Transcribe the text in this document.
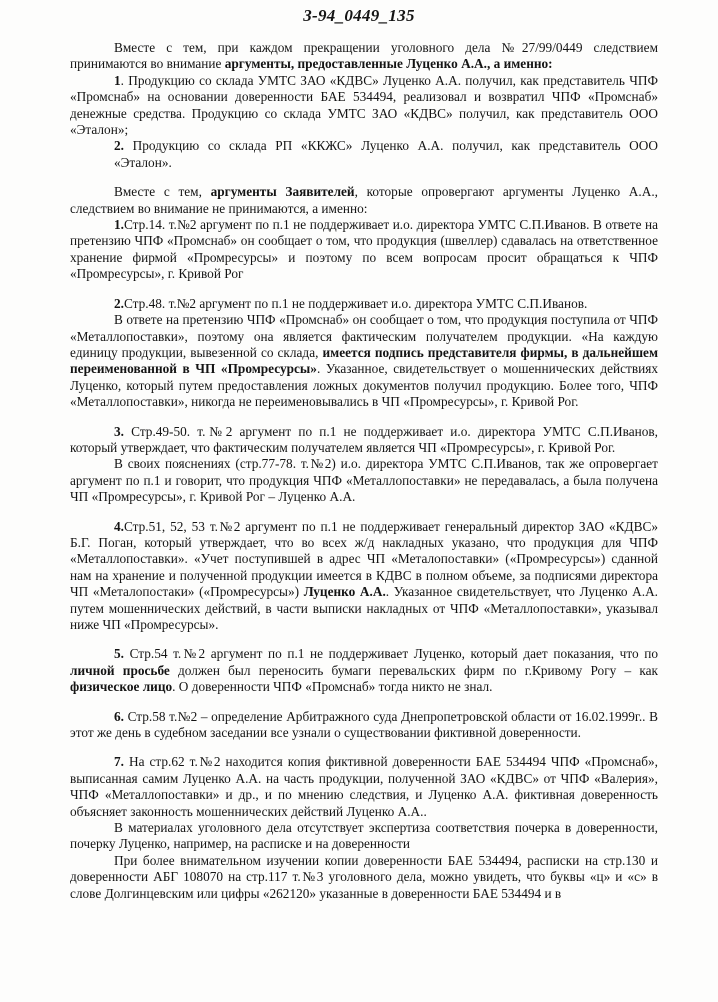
3-94_0449_135

Вместе с тем, при каждом прекращении уголовного дела №27/99/0449 следствием принимаются во внимание аргументы, предоставленные Луценко А.А., а именно:

1. Продукцию со склада УМТС ЗАО «КДВС» Луценко А.А. получил, как представитель ЧПФ «Промснаб» на основании доверенности БАЕ 534494, реализовал и возвратил ЧПФ «Промснаб» денежные средства. Продукцию со склада УМТС ЗАО «КДВС» получил, как представитель ООО «Эталон»;

2. Продукцию со склада РП «ККЖС» Луценко А.А. получил, как представитель ООО «Эталон».

Вместе с тем, аргументы Заявителей, которые опровергают аргументы Луценко А.А., следствием во внимание не принимаются, а именно:

1.Стр.14. т.№2 аргумент по п.1 не поддерживает и.о. директора УМТС С.П.Иванов. В ответе на претензию ЧПФ «Промснаб» он сообщает о том, что продукция (швеллер) сдавалась на ответственное хранение фирмой «Промресурсы» и поэтому по всем вопросам просит обращаться к ЧПФ «Промресурсы», г. Кривой Рог

2.Стр.48. т.№2 аргумент по п.1 не поддерживает и.о. директора УМТС С.П.Иванов.

В ответе на претензию ЧПФ «Промснаб» он сообщает о том, что продукция поступила от ЧПФ «Металлопоставки», поэтому она является фактическим получателем продукции. «На каждую единицу продукции, вывезенной со склада, имеется подпись представителя фирмы, в дальнейшем переименованной в ЧП «Промресурсы». Указанное, свидетельствует о мошеннических действиях Луценко, который путем предоставления ложных документов получил продукцию. Более того, ЧПФ «Металлопоставки», никогда не переименовывались в ЧП «Промресурсы», г. Кривой Рог.

3. Стр.49-50. т.№2 аргумент по п.1 не поддерживает и.о. директора УМТС С.П.Иванов, который утверждает, что фактическим получателем является ЧП «Промресурсы», г. Кривой Рог.

В своих пояснениях (стр.77-78. т.№2) и.о. директора УМТС С.П.Иванов, так же опровергает аргумент по п.1 и говорит, что продукция ЧПФ «Металлопоставки» не передавалась, а была получена ЧП «Промресурсы», г. Кривой Рог – Луценко А.А.

4.Стр.51, 52, 53 т.№2 аргумент по п.1 не поддерживает генеральный директор ЗАО «КДВС» Б.Г. Поган, который утверждает, что во всех ж/д накладных указано, что продукция для ЧПФ «Металлопоставки». «Учет поступившей в адрес ЧП «Металопоставки» («Промресурсы») сданной нам на хранение и полученной продукции имеется в КДВС в полном объеме, за подписями директора ЧП «Металопостаки» («Промресурсы») Луценко А.А.. Указанное свидетельствует, что Луценко А.А. путем мошеннических действий, в части выписки накладных от ЧПФ «Металлопоставки», указывал ниже ЧП «Промресурсы».

5. Стр.54 т.№2 аргумент по п.1 не поддерживает Луценко, который дает показания, что по личной просьбе должен был переносить бумаги перевальских фирм по г.Кривому Рогу – как физическое лицо. О доверенности ЧПФ «Промснаб» тогда никто не знал.

6. Стр.58 т.№2 – определение Арбитражного суда Днепропетровской области от 16.02.1999г.. В этот же день в судебном заседании все узнали о существовании фиктивной доверенности.

7. На стр.62 т.№2 находится копия фиктивной доверенности БАЕ 534494 ЧПФ «Промснаб», выписанная самим Луценко А.А. на часть продукции, полученной ЗАО «КДВС» от ЧПФ «Валерия», ЧПФ «Металлопоставки» и др., и по мнению следствия, и Луценко А.А. фиктивная доверенность объясняет законность мошеннических действий Луценко А.А..

В материалах уголовного дела отсутствует экспертиза соответствия почерка в доверенности, почерку Луценко, например, на расписке и на доверенности

При более внимательном изучении копии доверенности БАЕ 534494, расписки на стр.130 и доверенности АБГ 108070 на стр.117 т.№3 уголовного дела, можно увидеть, что буквы «ц» и «с» в слове Долгинцевским или цифры «262120» указанные в доверенности БАЕ 534494 и в
